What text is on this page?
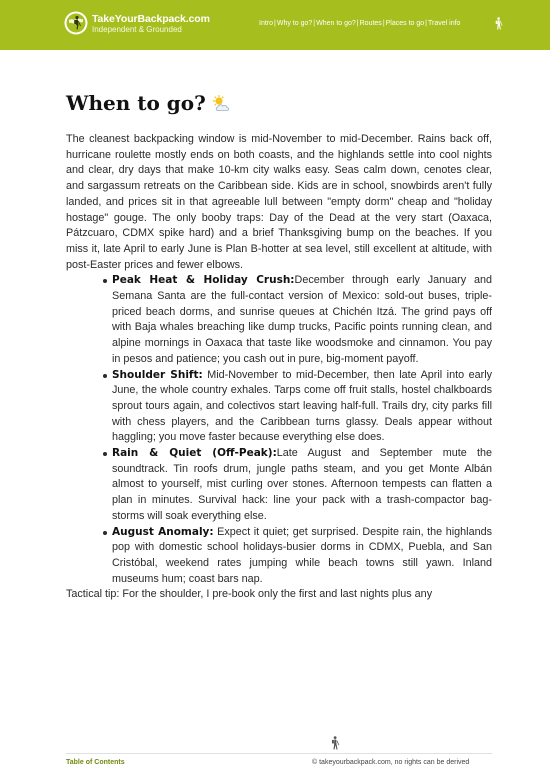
TakeYourBackpack.com

Independent & Grounded

Intro | Why to go? | When to go? | Routes | Places to go | Travel info
When to go?

The cleanest backpacking window is mid-November to mid-December. Rains back off, hurricane roulette mostly ends on both coasts, and the highlands settle into cool nights and clear, dry days that make 10-km city walks easy. Seas calm down, cenotes clear, and sargassum retreats on the Caribbean side. Kids are in school, snowbirds aren't fully landed, and prices sit in that agreeable lull between "empty dorm" cheap and "holiday hostage" gouge. The only booby traps: Day of the Dead at the very start (Oaxaca, Pátzcuaro, CDMX spike hard) and a brief Thanksgiving bump on the beaches. If you miss it, late April to early June is Plan B-hotter at sea level, still excellent at altitude, with post-Easter prices and fewer elbows.

Peak Heat & Holiday Crush:December through early January and Semana Santa are the full-contact version of Mexico: sold-out buses, triple-priced beach dorms, and sunrise queues at Chichén Itzá. The grind pays off with Baja whales breaching like dump trucks, Pacific points running clean, and alpine mornings in Oaxaca that taste like woodsmoke and cinnamon. You pay in pesos and patience; you cash out in pure, big-moment payoff.
Shoulder Shift: Mid-November to mid-December, then late April into early June, the whole country exhales. Tarps come off fruit stalls, hostel chalkboards sprout tours again, and colectivos start leaving half-full. Trails dry, city parks fill with chess players, and the Caribbean turns glassy. Deals appear without haggling; you move faster because everything else does.
Rain & Quiet (Off-Peak):Late August and September mute the soundtrack. Tin roofs drum, jungle paths steam, and you get Monte Albán almost to yourself, mist curling over stones. Afternoon tempests can flatten a plan in minutes. Survival hack: line your pack with a trash-compactor bag-storms will soak everything else.
August Anomaly: Expect it quiet; get surprised. Despite rain, the highlands pop with domestic school holidays-busier dorms in CDMX, Puebla, and San Cristóbal, weekend rates jumping while beach towns still yawn. Inland museums hum; coast bars nap.

Tactical tip: For the shoulder, I pre-book only the first and last nights plus any

Table of Contents	© takeyourbackpack.com, no rights can be derived
